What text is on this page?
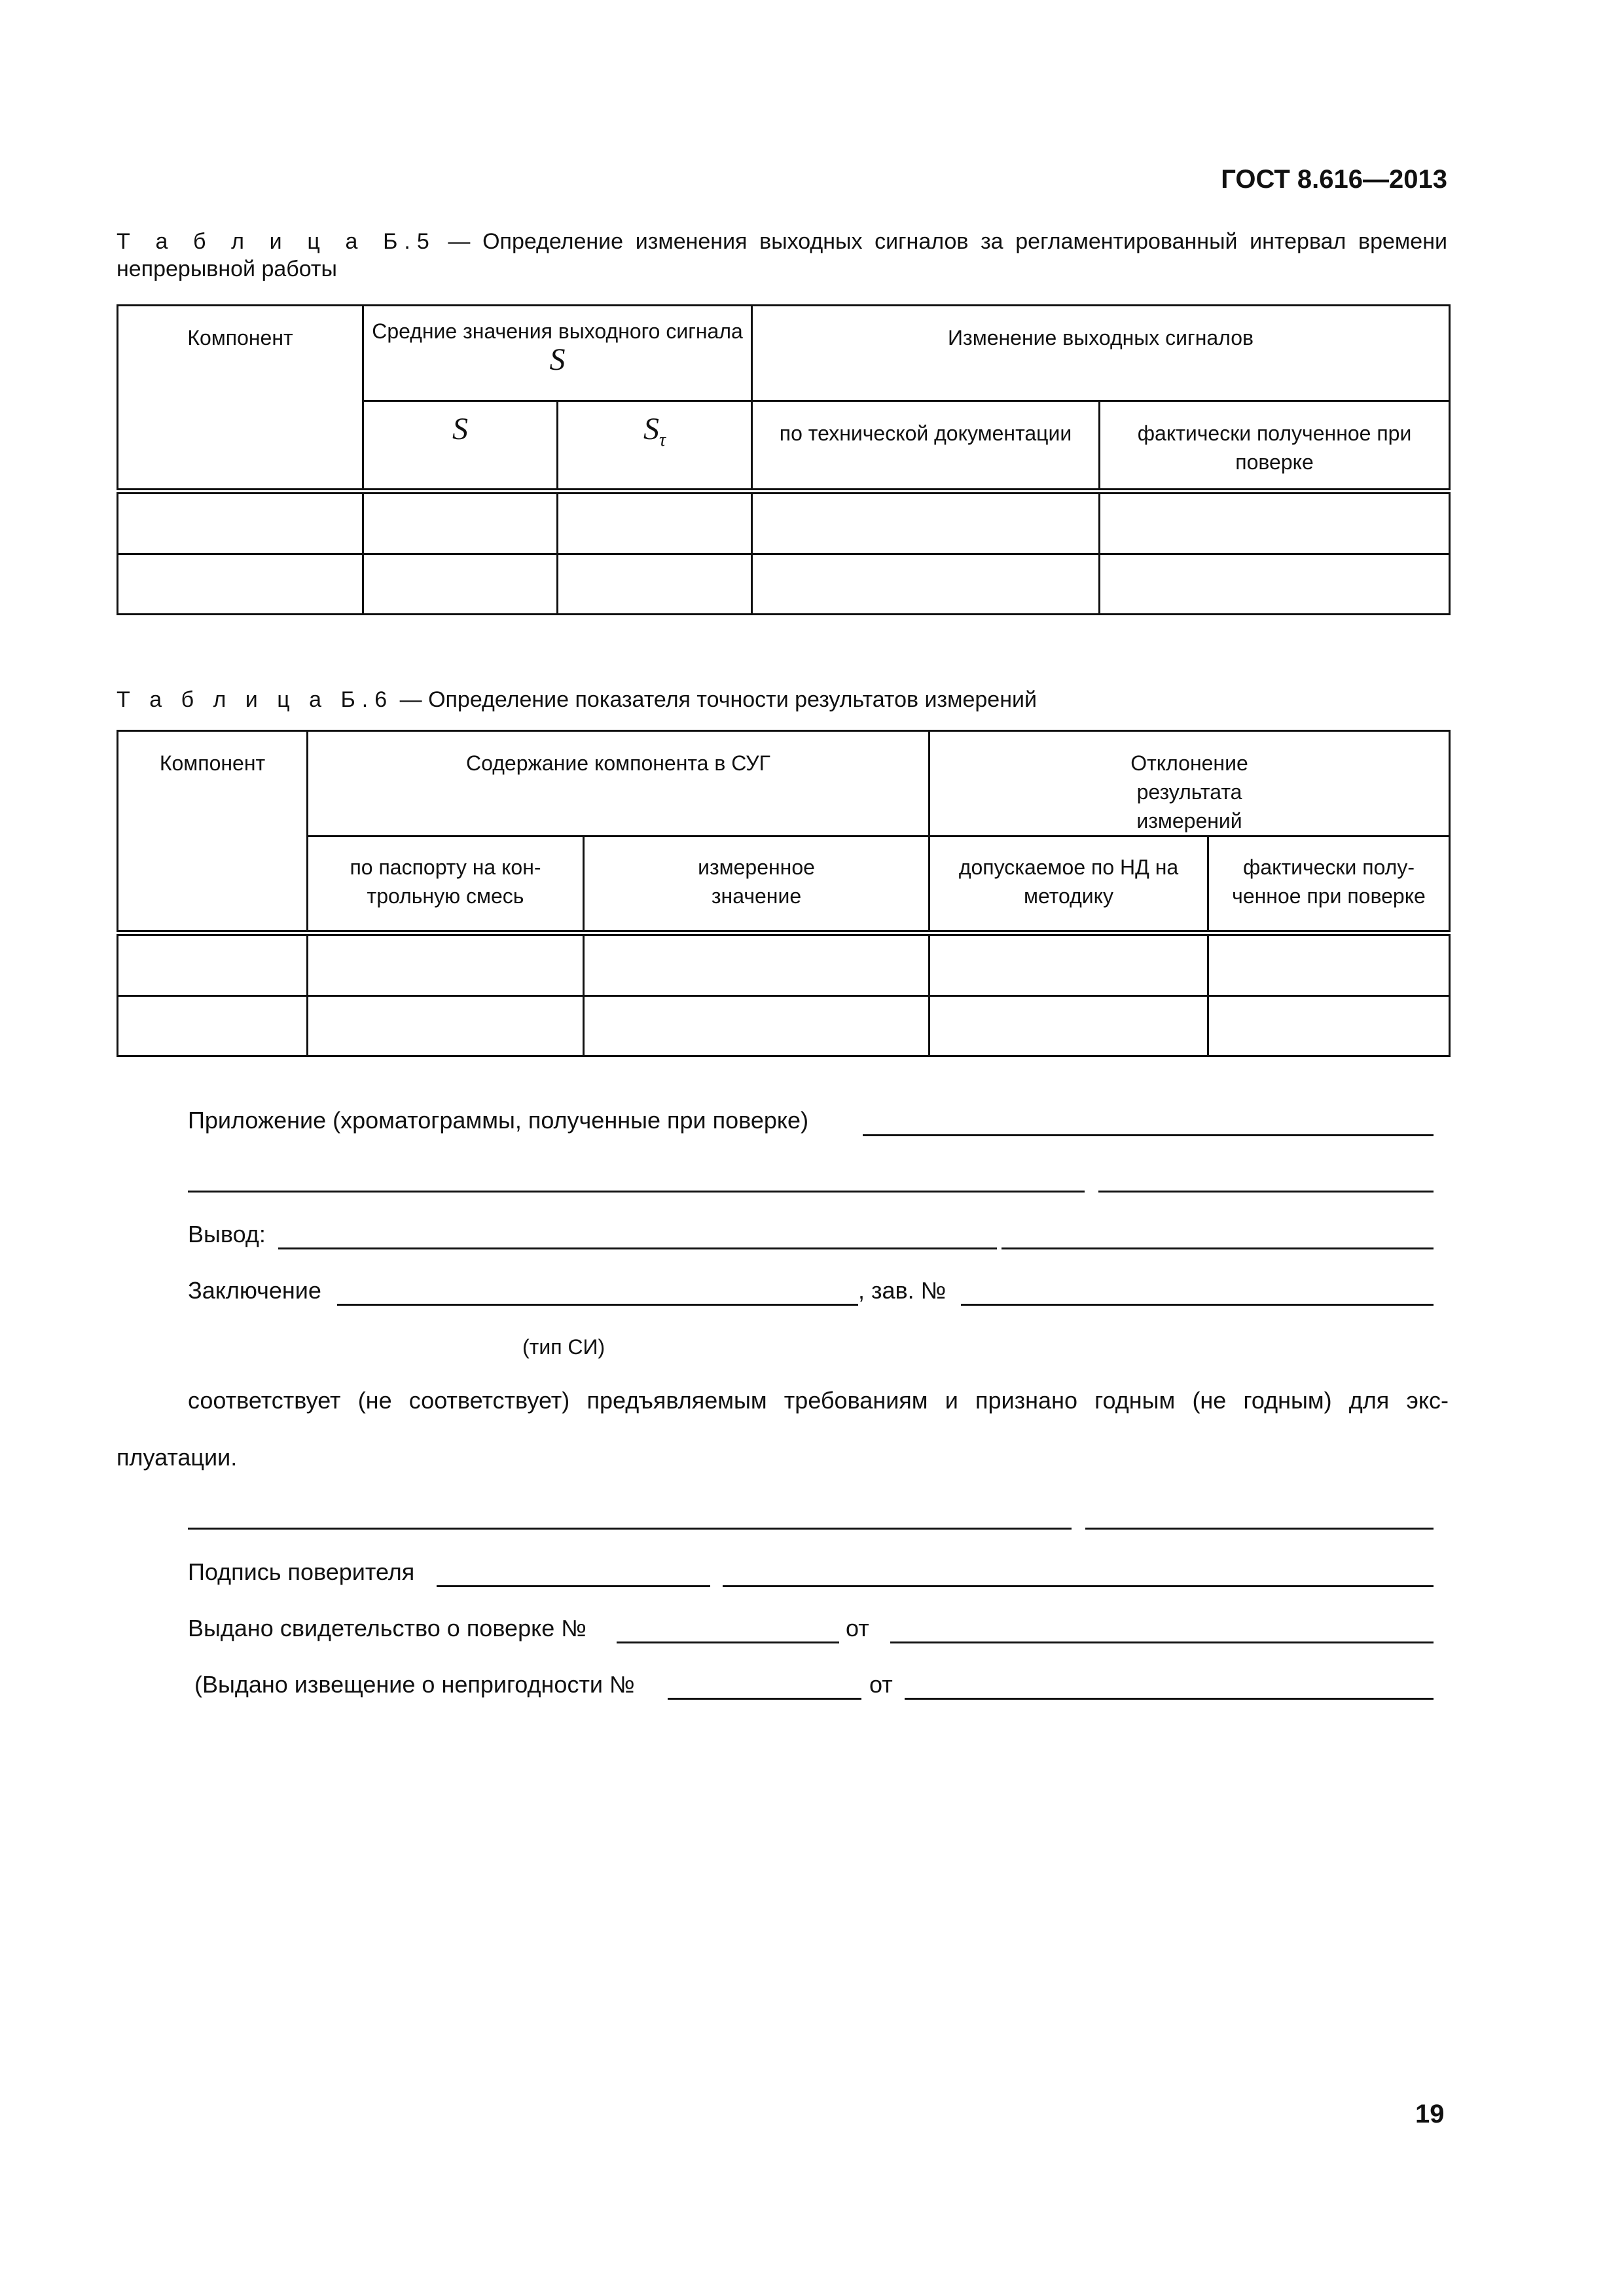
ГОСТ 8.616—2013
Т а б л и ц а Б.5 — Определение изменения выходных сигналов за регламентированный интервал времени непрерывной работы
Компонент	Средние значения выходного сигнала S		Изменение выходных сигналов	
	S	Sτ	по технической документации	фактически полученное при поверке

Т а б л и ц а Б.6 — Определение показателя точности результатов измерений
Компонент	Содержание компонента в СУГ		Отклонение результата измерений	

	по паспорту на кон-трольную смесь	измеренное значение	допускаемое по НД на методику	фактически полу-ченное при поверке

Приложение (хроматограммы, полученные при поверке)
Вывод:
Заключение	, зав. №
(тип СИ)
соответствует (не соответствует) предъявляемым требованиям и признано годным (не годным) для экс-
плуатации.
Подпись поверителя
Выдано свидетельство о поверке №	от
(Выдано извещение о непригодности №	от
19
